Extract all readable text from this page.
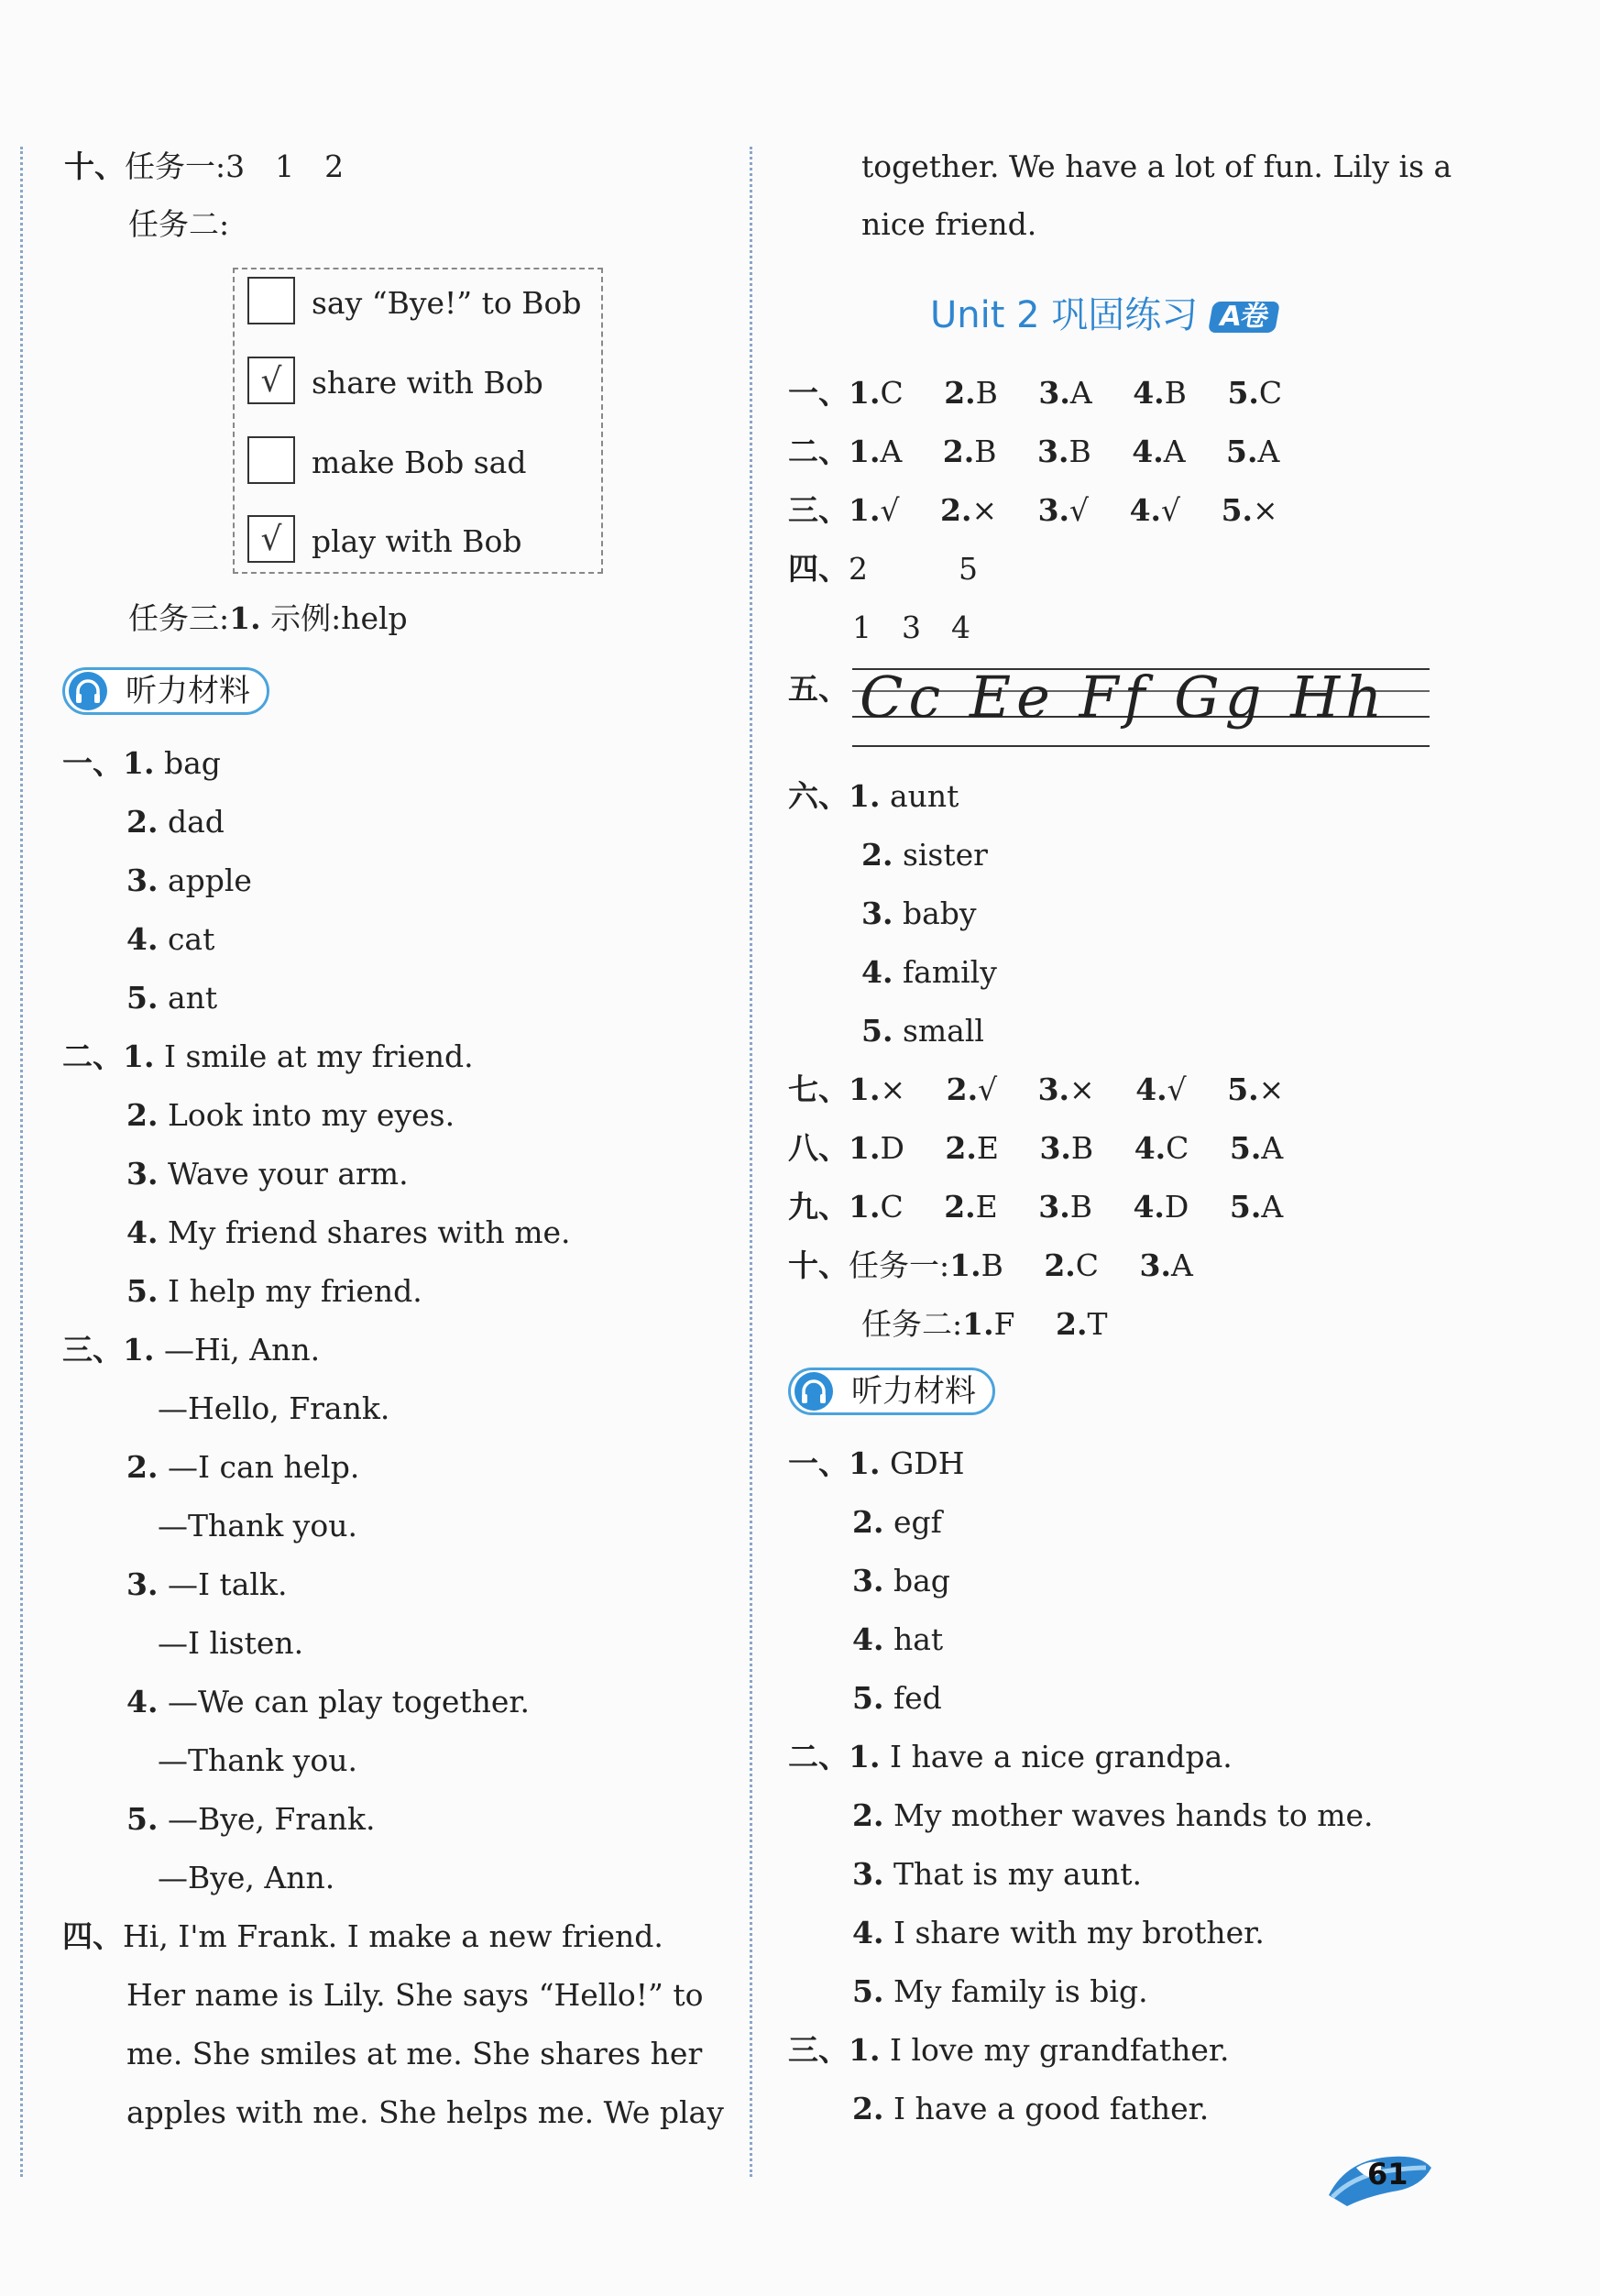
十、任务一:3　1　2
任务二:
say “Bye!” to Bob
√ share with Bob
make Bob sad
√ play with Bob
任务三:1. 示例:help
听力材料
一、1. bag
2. dad
3. apple
4. cat
5. ant
二、1. I smile at my friend.
2. Look into my eyes.
3. Wave your arm.
4. My friend shares with me.
5. I help my friend.
三、1. —Hi, Ann.
—Hello, Frank.
2. —I can help.
—Thank you.
3. —I talk.
—I listen.
4. —We can play together.
—Thank you.
5. —Bye, Frank.
—Bye, Ann.
四、Hi, I'm Frank. I make a new friend.
Her name is Lily. She says “Hello!” to
me. She smiles at me. She shares her
apples with me. She helps me. We play
together. We have a lot of fun. Lily is a
nice friend.
Unit 2 巩固练习 A卷
一、1.C 2.B 3.A 4.B 5.C
二、1.A 2.B 3.B 4.A 5.A
三、1.√ 2.× 3.√ 4.√ 5.×
四、2　　　5
1　3　4
五、 Cc Ee Ff Gg Hh
六、1. aunt
2. sister
3. baby
4. family
5. small
七、1.× 2.√ 3.× 4.√ 5.×
八、1.D 2.E 3.B 4.C 5.A
九、1.C 2.E 3.B 4.D 5.A
十、任务一:1.B 2.C 3.A
任务二:1.F 2.T
听力材料
一、1. GDH
2. egf
3. bag
4. hat
5. fed
二、1. I have a nice grandpa.
2. My mother waves hands to me.
3. That is my aunt.
4. I share with my brother.
5. My family is big.
三、1. I love my grandfather.
2. I have a good father.
61
